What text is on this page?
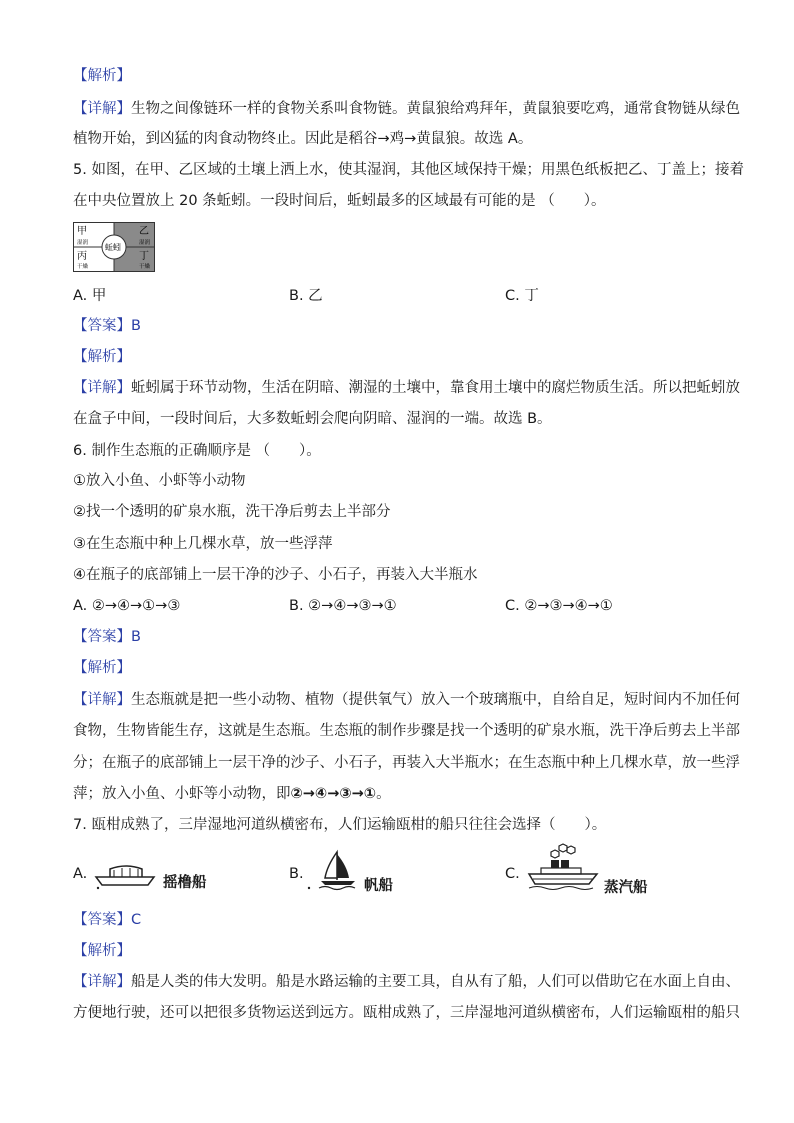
【解析】
【详解】生物之间像链环一样的食物关系叫食物链。黄鼠狼给鸡拜年，黄鼠狼要吃鸡，通常食物链从绿色
植物开始，到凶猛的肉食动物终止。因此是稻谷→鸡→黄鼠狼。故选 A。
5. 如图，在甲、乙区域的土壤上洒上水，使其湿润，其他区域保持干燥；用黑色纸板把乙、丁盖上；接着
在中央位置放上 20 条蚯蚓。一段时间后，蚯蚓最多的区域最有可能的是 （　　）。
甲
湿润
乙
湿润
丙
干燥
丁
干燥
蚯蚓
A. 甲	B. 乙	C. 丁
【答案】B
【解析】
【详解】蚯蚓属于环节动物，生活在阴暗、潮湿的土壤中，靠食用土壤中的腐烂物质生活。所以把蚯蚓放
在盒子中间，一段时间后，大多数蚯蚓会爬向阴暗、湿润的一端。故选 B。
6. 制作生态瓶的正确顺序是 （　　）。
①放入小鱼、小虾等小动物
②找一个透明的矿泉水瓶，洗干净后剪去上半部分
③在生态瓶中种上几棵水草，放一些浮萍
④在瓶子的底部铺上一层干净的沙子、小石子，再装入大半瓶水
A. ②→④→①→③	B. ②→④→③→①	C. ②→③→④→①
【答案】B
【解析】
【详解】生态瓶就是把一些小动物、植物（提供氧气）放入一个玻璃瓶中，自给自足，短时间内不加任何
食物，生物皆能生存，这就是生态瓶。生态瓶的制作步骤是找一个透明的矿泉水瓶，洗干净后剪去上半部
分；在瓶子的底部铺上一层干净的沙子、小石子，再装入大半瓶水；在生态瓶中种上几棵水草，放一些浮
萍；放入小鱼、小虾等小动物，即②→④→③→①。
7. 瓯柑成熟了，三岸湿地河道纵横密布，人们运输瓯柑的船只往往会选择（　　）。
A.
摇橹船
B.
帆船
C.
蒸汽船
【答案】C
【解析】
【详解】船是人类的伟大发明。船是水路运输的主要工具，自从有了船，人们可以借助它在水面上自由、
方便地行驶，还可以把很多货物运送到远方。瓯柑成熟了，三岸湿地河道纵横密布，人们运输瓯柑的船只
